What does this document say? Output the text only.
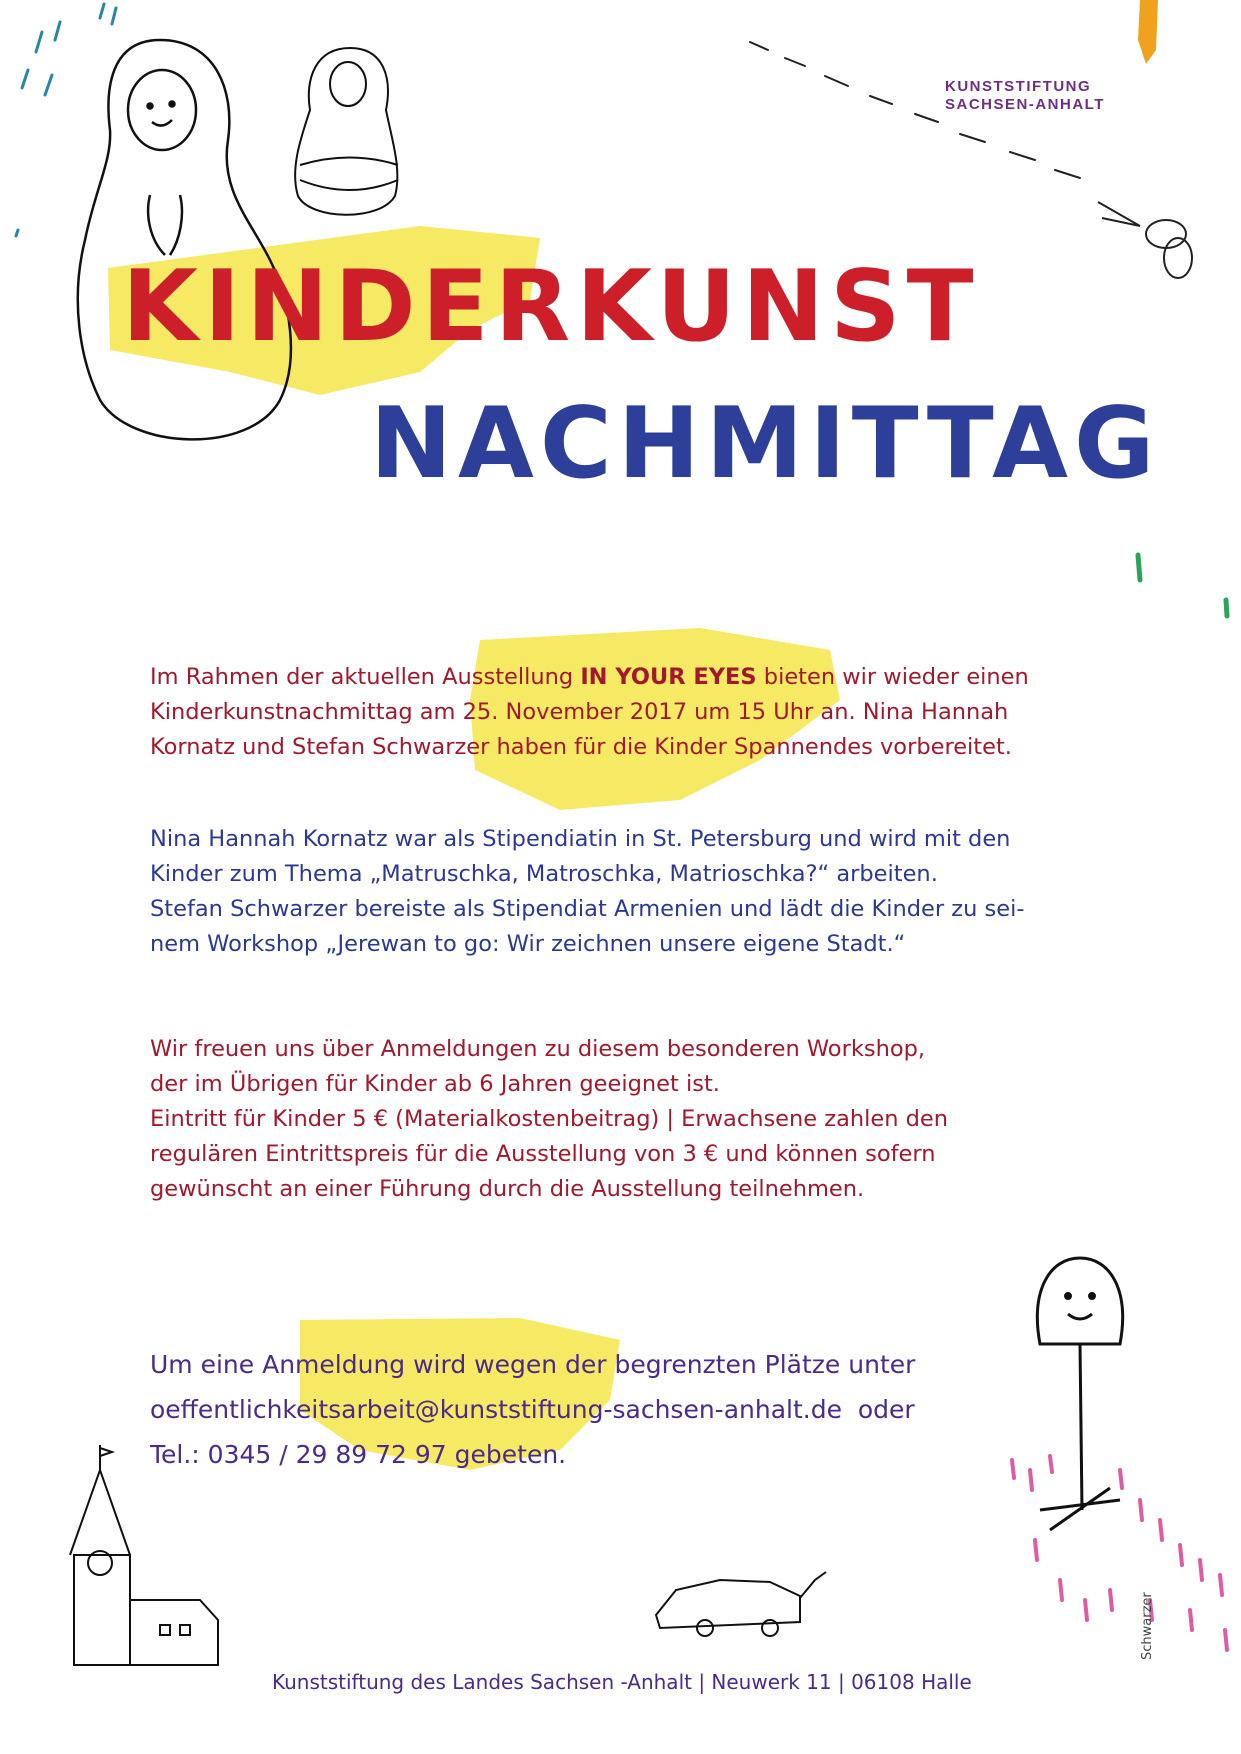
KUNSTSTIFTUNG
SACHSEN-ANHALT
KINDERKUNST
NACHMITTAG
Im Rahmen der aktuellen Ausstellung IN YOUR EYES bieten wir wieder einen
Kinderkunstnachmittag am 25. November 2017 um 15 Uhr an. Nina Hannah
Kornatz und Stefan Schwarzer haben für die Kinder Spannendes vorbereitet.
Nina Hannah Kornatz war als Stipendiatin in St. Petersburg und wird mit den
Kinder zum Thema „Matruschka, Matroschka, Matrioschka?“ arbeiten.
Stefan Schwarzer bereiste als Stipendiat Armenien und lädt die Kinder zu sei-
nem Workshop „Jerewan to go: Wir zeichnen unsere eigene Stadt.“
Wir freuen uns über Anmeldungen zu diesem besonderen Workshop,
der im Übrigen für Kinder ab 6 Jahren geeignet ist.
Eintritt für Kinder 5 € (Materialkostenbeitrag) | Erwachsene zahlen den
regulären Eintrittspreis für die Ausstellung von 3 € und können sofern
gewünscht an einer Führung durch die Ausstellung teilnehmen.
Um eine Anmeldung wird wegen der begrenzten Plätze unter
oeffentlichkeitsarbeit@kunststiftung-sachsen-anhalt.de  oder
Tel.: 0345 / 29 89 72 97 gebeten.
Kunststiftung des Landes Sachsen -Anhalt | Neuwerk 11 | 06108 Halle
Schwarzer
